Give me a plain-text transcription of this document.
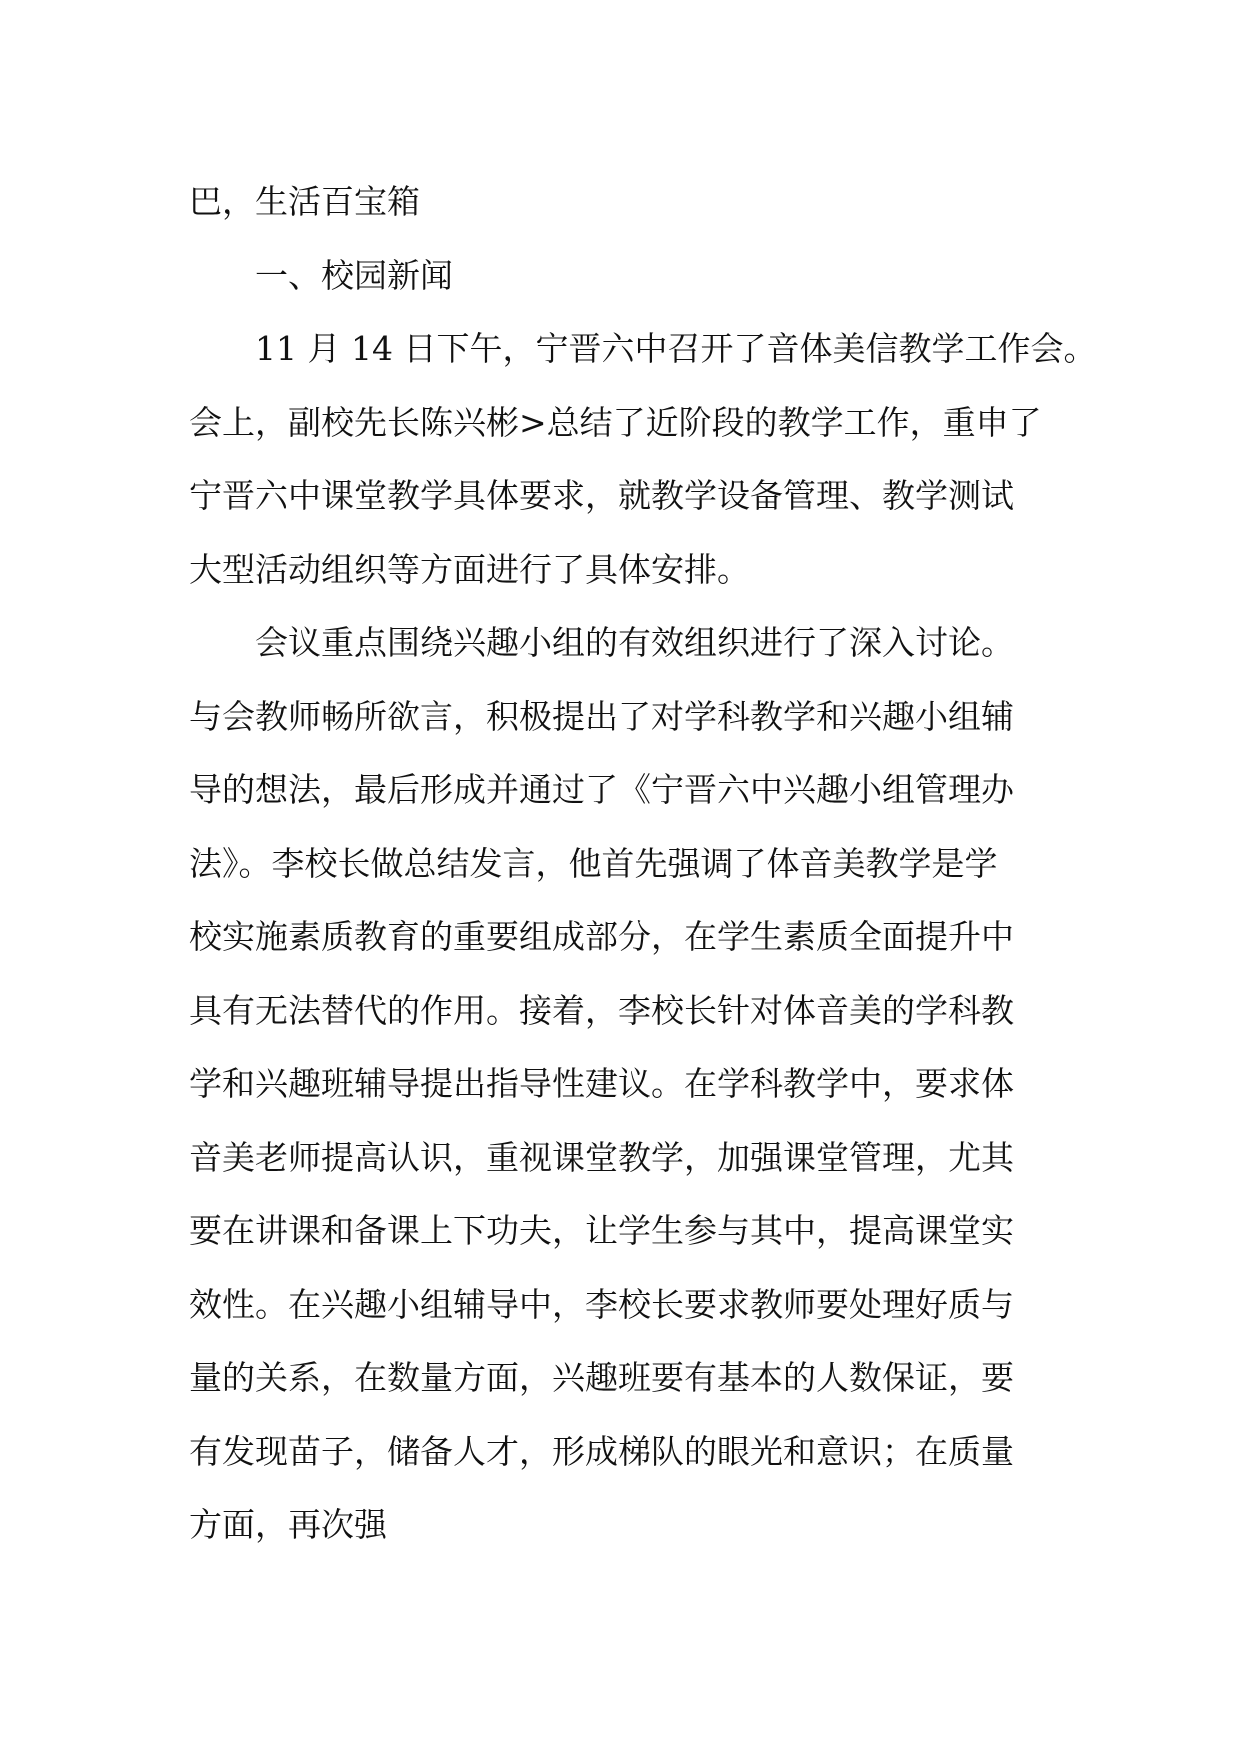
巴，生活百宝箱
一、校园新闻
11 月 14 日下午，宁晋六中召开了音体美信教学工作会。
会上，副校先长陈兴彬>总结了近阶段的教学工作，重申了
宁晋六中课堂教学具体要求，就教学设备管理、教学测试
大型活动组织等方面进行了具体安排。
会议重点围绕兴趣小组的有效组织进行了深入讨论。
与会教师畅所欲言，积极提出了对学科教学和兴趣小组辅
导的想法，最后形成并通过了《宁晋六中兴趣小组管理办
法》。李校长做总结发言，他首先强调了体音美教学是学
校实施素质教育的重要组成部分，在学生素质全面提升中
具有无法替代的作用。接着，李校长针对体音美的学科教
学和兴趣班辅导提出指导性建议。在学科教学中，要求体
音美老师提高认识，重视课堂教学，加强课堂管理，尤其
要在讲课和备课上下功夫，让学生参与其中，提高课堂实
效性。在兴趣小组辅导中，李校长要求教师要处理好质与
量的关系，在数量方面，兴趣班要有基本的人数保证，要
有发现苗子，储备人才，形成梯队的眼光和意识；在质量
方面，再次强
